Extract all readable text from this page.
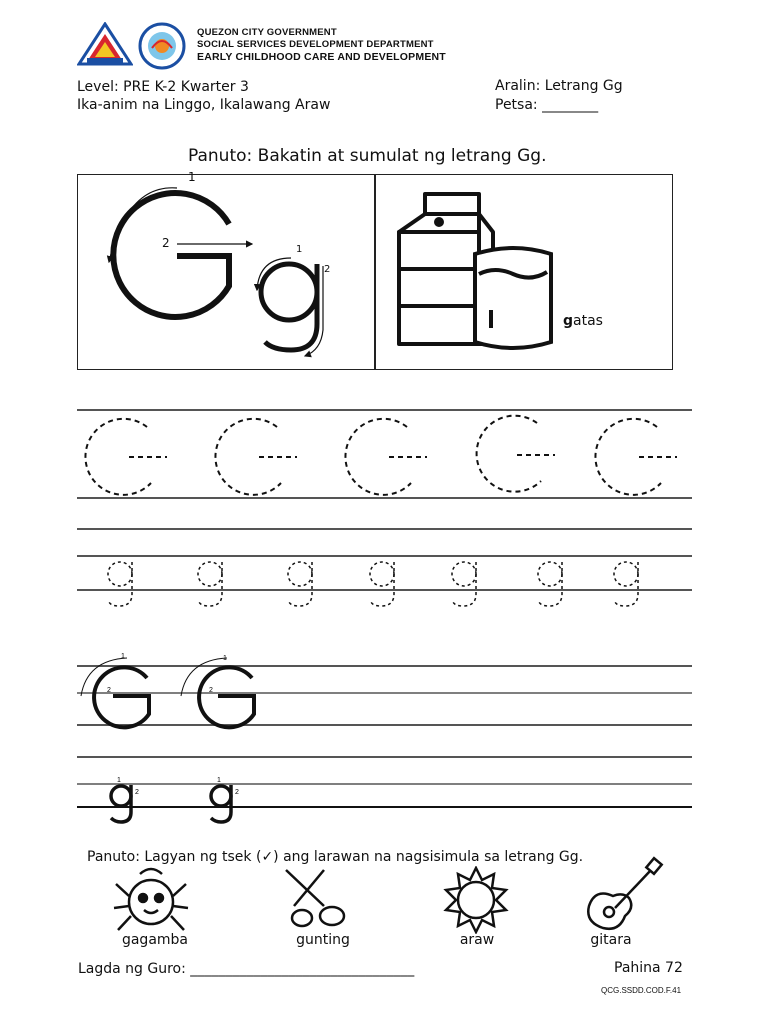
QUEZON CITY GOVERNMENT
SOCIAL SERVICES DEVELOPMENT DEPARTMENT
EARLY CHILDHOOD CARE AND DEVELOPMENT
Level: PRE K-2 Kwarter 3
Ika-anim na Linggo, Ikalawang Araw
Aralin: Letrang Gg
Petsa: ________
Panuto: Bakatin at sumulat ng letrang Gg.
1
2	1
2
gatas
1
2
1
2
1
2
1
2
Panuto: Lagyan ng tsek (✓) ang larawan na nagsisimula sa letrang Gg.
gagamba	gunting	araw	gitara
Lagda ng Guro: ________________________________	Pahina 72
QCG.SSDD.COD.F.41
